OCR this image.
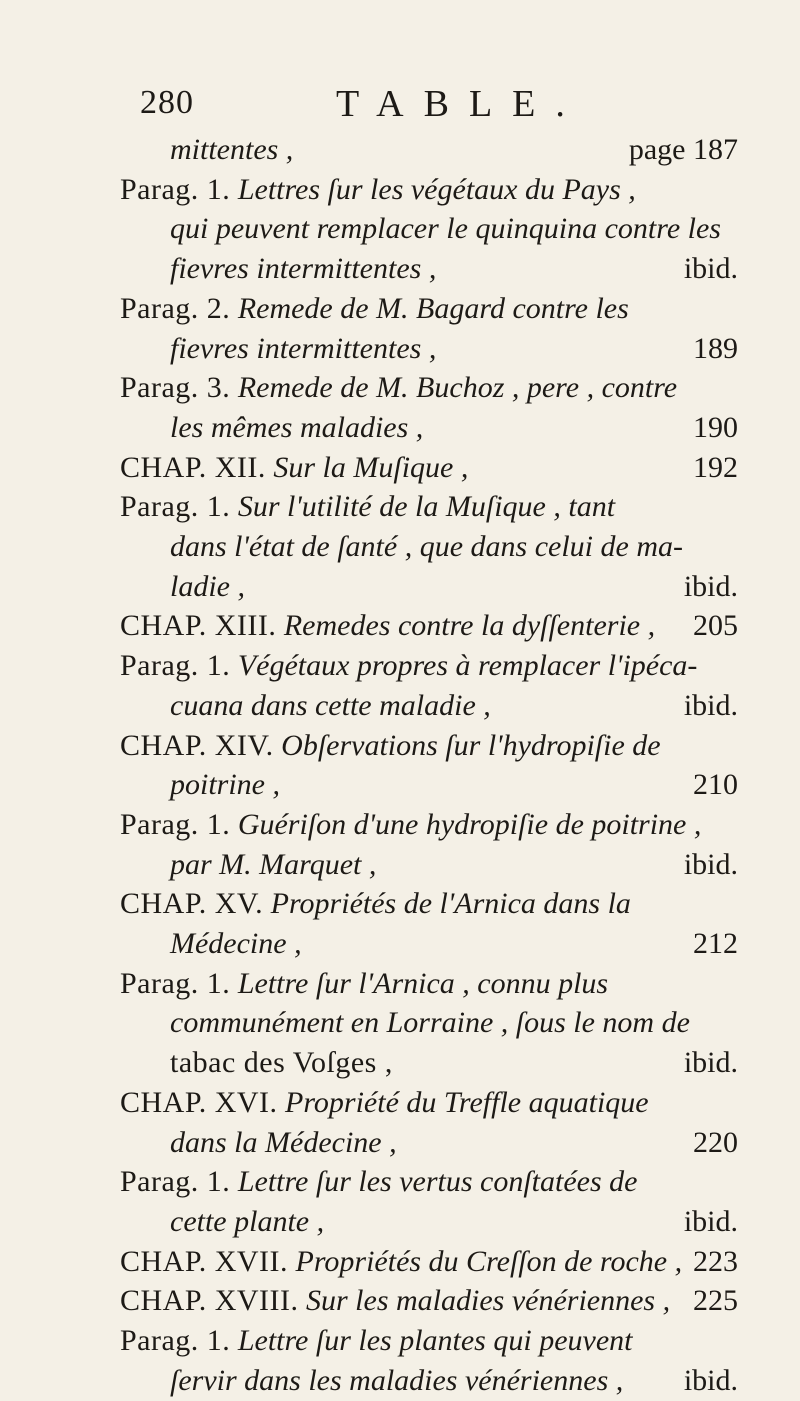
280	TABLE.
mittentes ,	page 187
Parag. 1. Lettres ſur les végétaux du Pays ,
qui peuvent remplacer le quinquina contre les
fievres intermittentes ,	ibid.
Parag. 2. Remede de M. Bagard contre les
fievres intermittentes ,	189
Parag. 3. Remede de M. Buchoz , pere , contre
les mêmes maladies ,	190
CHAP. XII. Sur la Muſique ,	192
Parag. 1. Sur l'utilité de la Muſique , tant
dans l'état de ſanté , que dans celui de ma-
ladie ,	ibid.
CHAP. XIII. Remedes contre la dyſſenterie , 205
Parag. 1. Végétaux propres à remplacer l'ipéca-
cuana dans cette maladie ,	ibid.
CHAP. XIV. Obſervations ſur l'hydropiſie de
poitrine ,	210
Parag. 1. Guériſon d'une hydropiſie de poitrine ,
par M. Marquet ,	ibid.
CHAP. XV. Propriétés de l'Arnica dans la
Médecine ,	212
Parag. 1. Lettre ſur l'Arnica , connu plus
communément en Lorraine , ſous le nom de
tabac des Voſges ,	ibid.
CHAP. XVI. Propriété du Treffle aquatique
dans la Médecine ,	220
Parag. 1. Lettre ſur les vertus conſtatées de
cette plante ,	ibid.
CHAP. XVII. Propriétés du Creſſon de roche , 223
CHAP. XVIII. Sur les maladies vénériennes , 225
Parag. 1. Lettre ſur les plantes qui peuvent
ſervir dans les maladies vénériennes , ibid.
